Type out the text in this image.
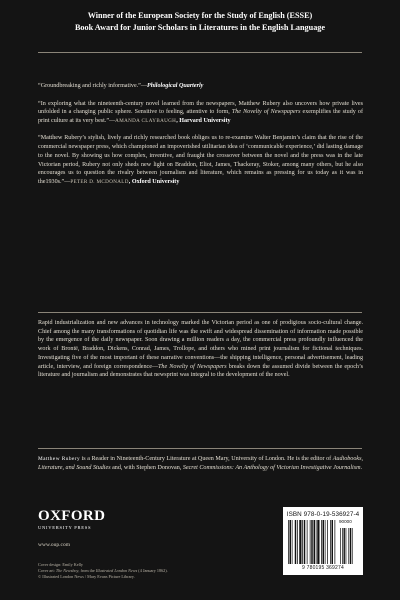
Winner of the European Society for the Study of English (ESSE)
Book Award for Junior Scholars in Literatures in the English Language

“Groundbreaking and richly informative.”—Philological Quarterly

“In exploring what the nineteenth-century novel learned from the newspapers, Matthew Rubery also uncovers how private lives unfolded in a changing public sphere. Sensitive to feeling, attentive to form, The Novelty of Newspapers exemplifies the study of print culture at its very best.”—AMANDA CLAYBAUGH, Harvard University

“Matthew Rubery’s stylish, lively and richly researched book obliges us to re-examine Walter Benjamin’s claim that the rise of the commercial newspaper press, which championed an impoverished utilitarian idea of ‘communicable experience,’ did lasting damage to the novel. By showing us how complex, inventive, and fraught the crossover between the novel and the press was in the late Victorian period, Rubery not only sheds new light on Braddon, Eliot, James, Thackeray, Stoker, among many others, but he also encourages us to question the rivalry between journalism and literature, which remains as pressing for us today as it was in the1930s.”—PETER D. MCDONALD, Oxford University

Rapid industrialization and new advances in technology marked the Victorian period as one of prodigious socio-cultural change. Chief among the many transformations of quotidian life was the swift and widespread dissemination of information made possible by the emergence of the daily newspaper. Soon drawing a million readers a day, the commercial press profoundly influenced the work of Brontë, Braddon, Dickens, Conrad, James, Trollope, and others who mined print journalism for fictional techniques. Investigating five of the most important of these narrative conventions—the shipping intelligence, personal advertisement, leading article, interview, and foreign correspondence—The Novelty of Newspapers breaks down the assumed divide between the epoch’s literature and journalism and demonstrates that newsprint was integral to the development of the novel.
Matthew Rubery is a Reader in Nineteenth-Century Literature at Queen Mary, University of London. He is the editor of Audiobooks, Literature, and Sound Studies and, with Stephen Donovan, Secret Commissions: An Anthology of Victorian Investigative Journalism.
OXFORD
UNIVERSITY PRESS
www.oup.com
Cover design: Emily Kelly
Cover art: The Newsboy, from the Illustrated London News (4 January 1862).
© Illustrated London News / Mary Evans Picture Library.
ISBN 978-0-19-536927-4
90000
9 780195 369274
